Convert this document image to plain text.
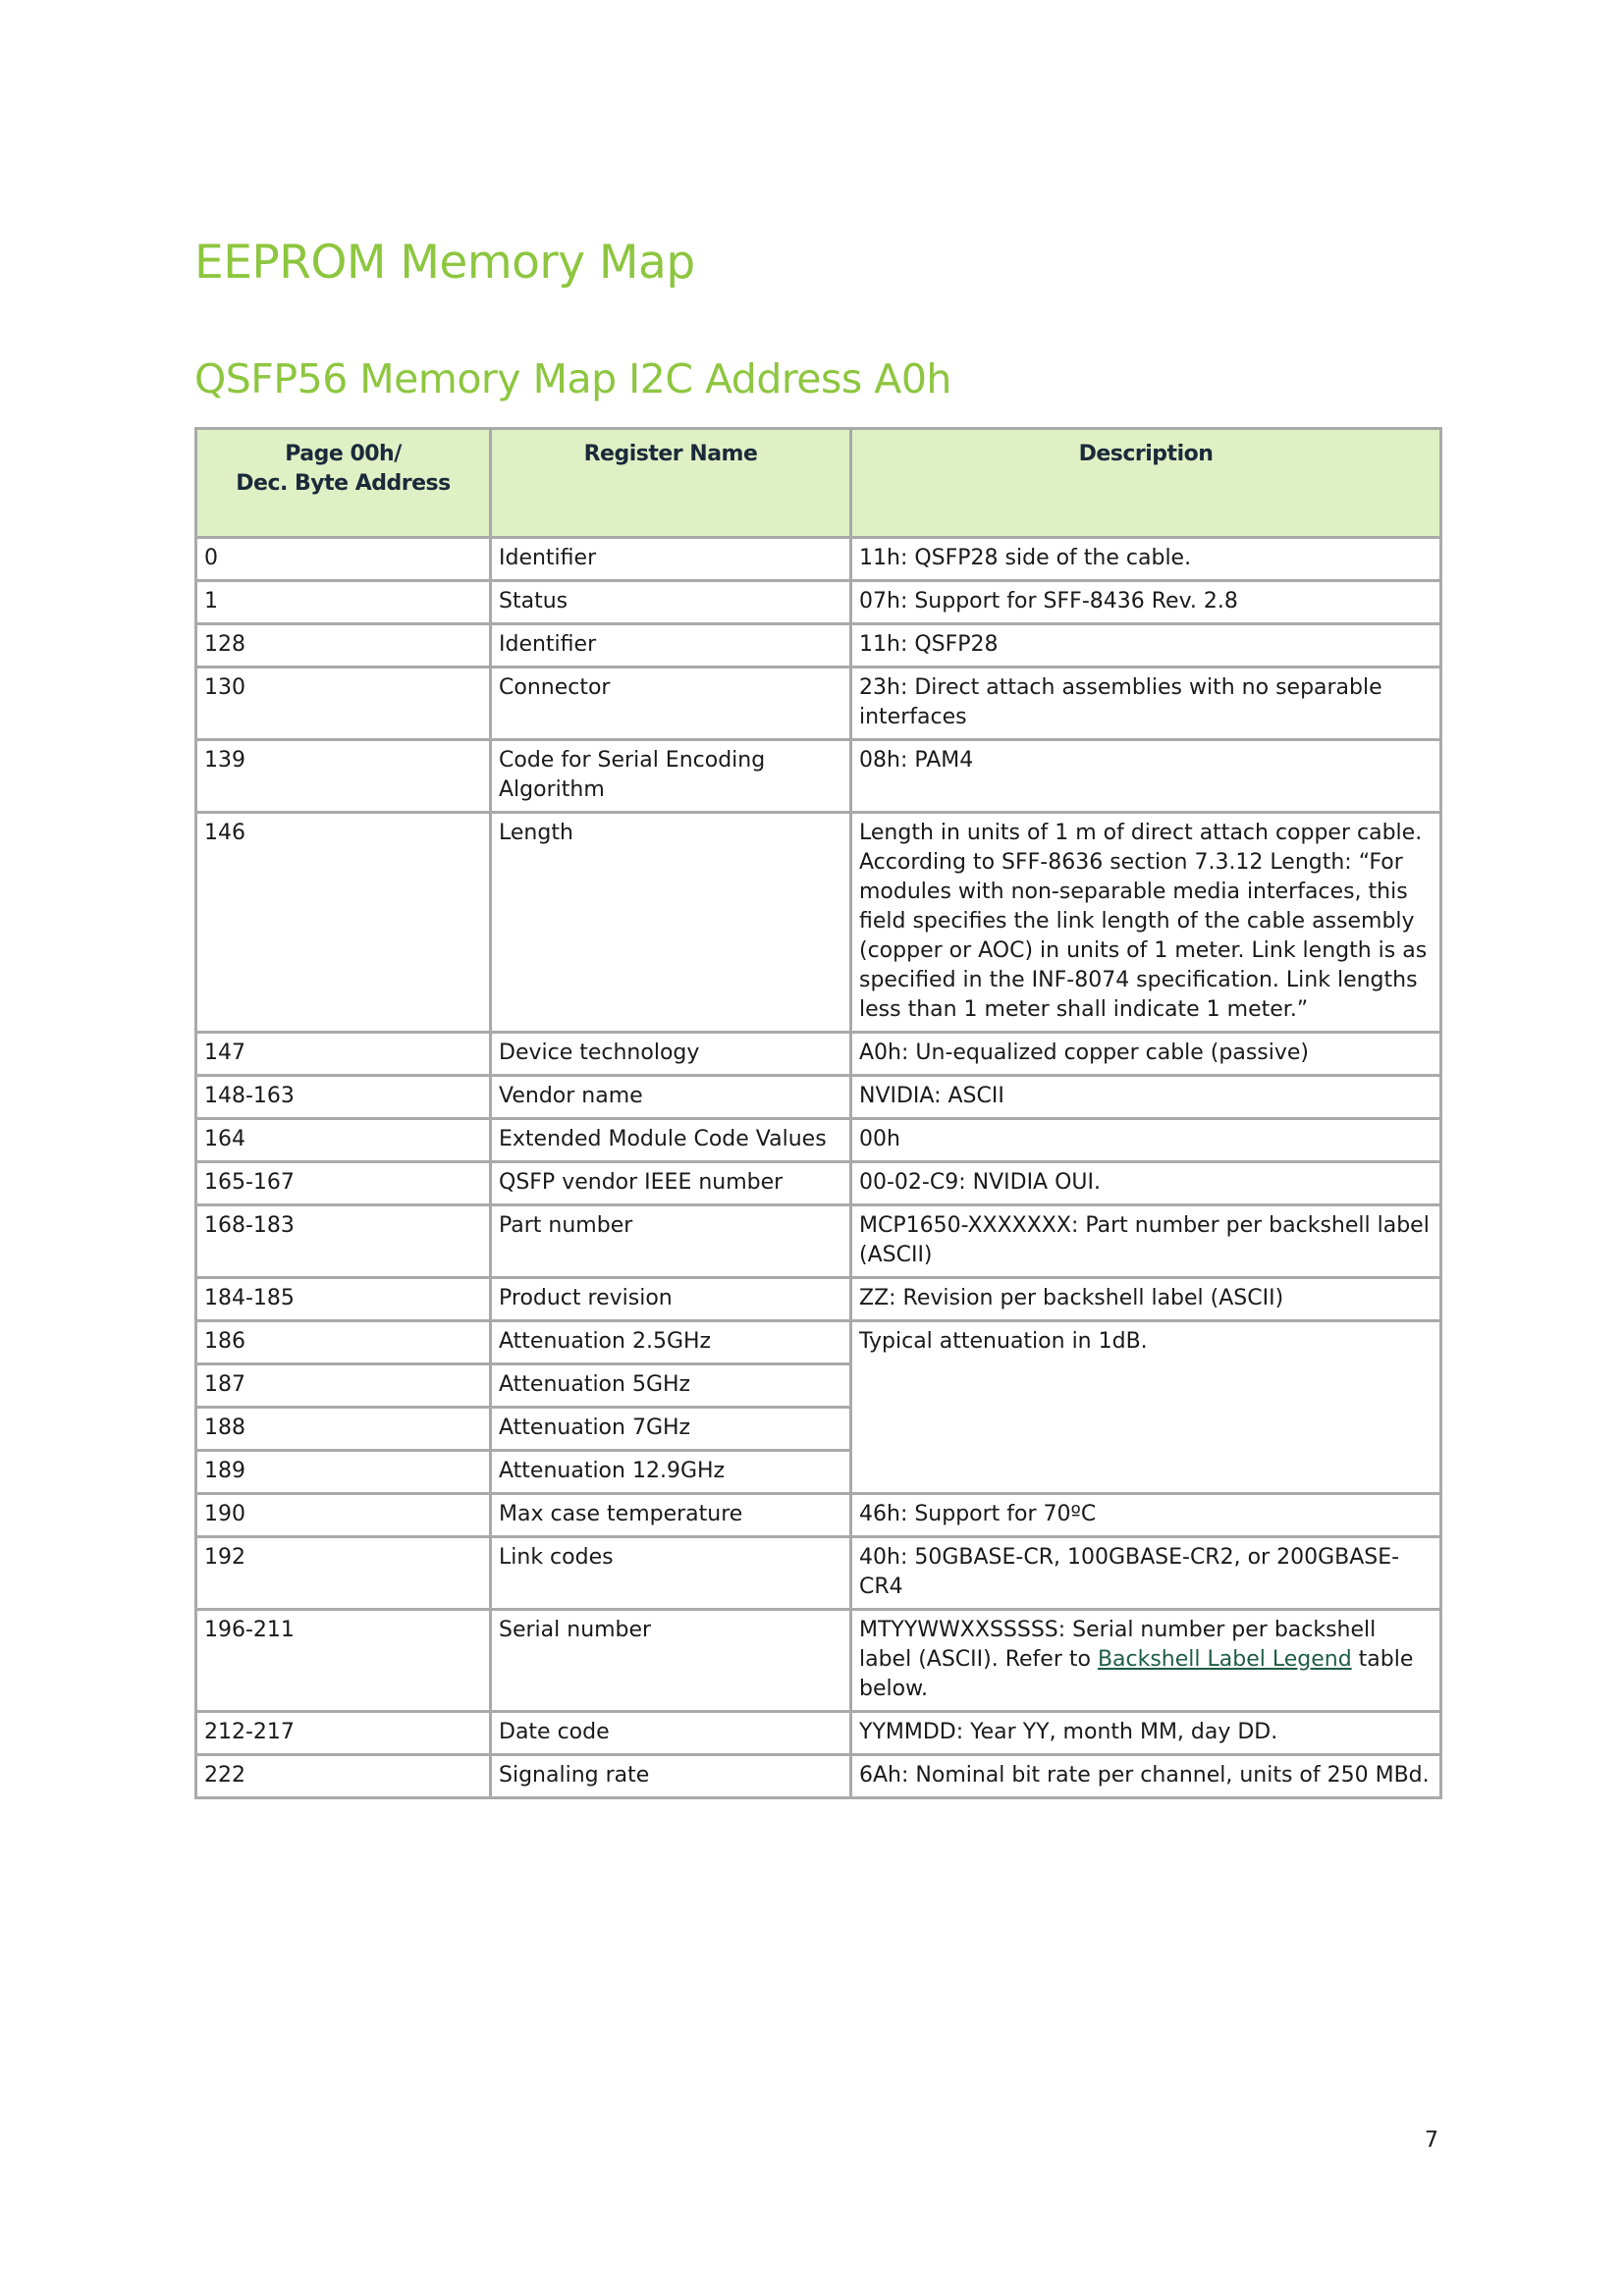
EEPROM Memory Map
QSFP56 Memory Map I2C Address A0h
Page 00h/
Dec. Byte Address	Register Name	Description
0	Identifier	11h: QSFP28 side of the cable.
1	Status	07h: Support for SFF-8436 Rev. 2.8
128	Identifier	11h: QSFP28
130	Connector	23h: Direct attach assemblies with no separable interfaces
139	Code for Serial Encoding Algorithm	08h: PAM4
146	Length	Length in units of 1 m of direct attach copper cable.
According to SFF-8636 section 7.3.12 Length: “For modules with non-separable media interfaces, this field specifies the link length of the cable assembly (copper or AOC) in units of 1 meter. Link length is as specified in the INF-8074 specification. Link lengths less than 1 meter shall indicate 1 meter.”
147	Device technology	A0h: Un-equalized copper cable (passive)
148-163	Vendor name	NVIDIA: ASCII
164	Extended Module Code Values	00h
165-167	QSFP vendor IEEE number	00-02-C9: NVIDIA OUI.
168-183	Part number	MCP1650-XXXXXXX: Part number per backshell label (ASCII)
184-185	Product revision	ZZ: Revision per backshell label (ASCII)
186	Attenuation 2.5GHz	Typical attenuation in 1dB.
187	Attenuation 5GHz	
188	Attenuation 7GHz	
189	Attenuation 12.9GHz	
190	Max case temperature	46h: Support for 70ºC
192	Link codes	40h: 50GBASE-CR, 100GBASE-CR2, or 200GBASE-CR4
196-211	Serial number	MTYYWWXXSSSSS: Serial number per backshell label (ASCII). Refer to Backshell Label Legend table below.
212-217	Date code	YYMMDD: Year YY, month MM, day DD.
222	Signaling rate	6Ah: Nominal bit rate per channel, units of 250 MBd.
7
